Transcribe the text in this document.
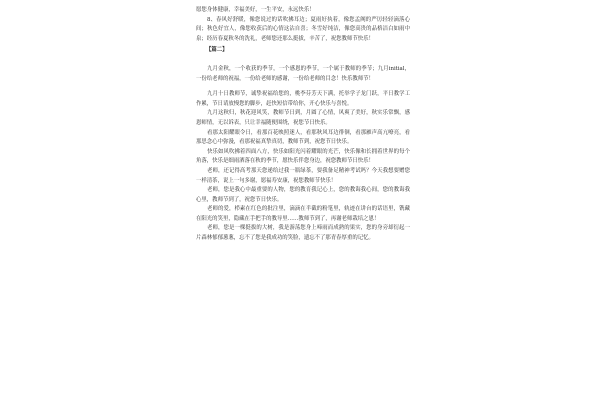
愿您身体健康，幸福美好，一生平安，永远快乐！

8、春风好舒暖，像您说过的话吹拂耳边；夏雨好执着，像您孟阗的严厉轻轻滴落心间；秋色好宜人，像您收获后的心情这沾自喜；冬雪好纯洁，像您高贵的品格洁白如雨中泉；经历春夏秋冬的洗礼，老师您还那么挺拔，辛苦了，祝您教师节快乐！

【篇二】

九月金秋，一个收获的季节，一个感恩的季节，一个属于教师的季节；九月initial，一份给老师的祝福，一份给老师的感谢，一份给老师的目念！快乐教师节！

九月十日教师节，诚挚祝福给您的，桃李芬芳天下满，托举学子龙门跃，平日教学工作累，节日请放慢您的脚步，赶快短信带给你，开心快乐与喜悦。

九月这秋归，秋花迎风笑，教师节日到，月圆了心情，风爽了美好，秋实乐常飘，感恩师情，无以诉表，只让幸福随便围绕，祝您节日快乐。

看那太阳耀眼令日，看那百花映照迷人，看那秋风耳边徘徊，看那雁声高亢嘹亮，看那思念心中弥漫，看那祝福真挚真切，教师节到，祝您节日快乐。

快乐如风吹拂着四面八方，快乐如阳光闪着耀眼的光芒，快乐像和长拥着世界的每个角落，快乐是细雨洒落在秋的季节，愿快乐伴您身边，祝您教师节日快乐！

老师，还记得高考那天您递给过我一瓶绿茶，要我备足精神考试吗？今天我想要赠您一样清茶，说上一句多谢，愿福寿安康，祝您教师节快乐！

老师，您是我心中最重要的人物，您的教育我记心上，您的教诲我心间，您的教诲我心里，教师节到了，祝您节日快乐。

老师的爱，栉素在红色的批注里，滴滴在半截的粉笔里，轨迹在讲台的话语里，镌藏在阳光的笑里，隐藏在手把手的教导里……教师节到了，再谢老师栽培之恩！

老师，您是一棵挺拔的大树，我是游荡您身上啼雨而成熟的果实，您的身旁却衍起一片森林郁郁葱葱，忘不了您是我成功的笑脸，遗忘不了那青春厚重的记忆。
